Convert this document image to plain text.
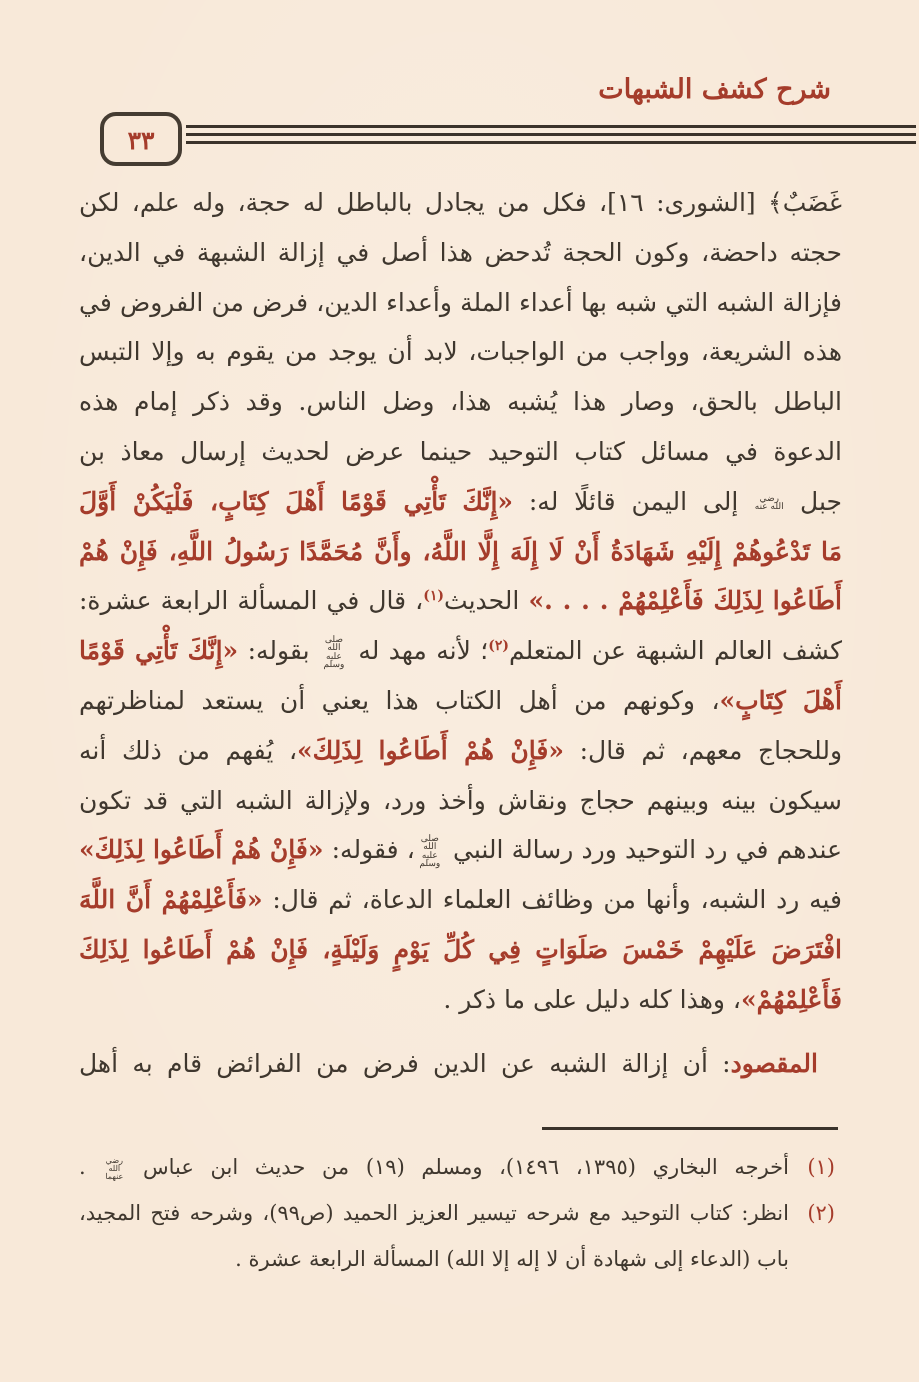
شرح كشف الشبهات
٣٣
غَضَبٌ﴾ [الشورى: ١٦]، فكل من يجادل بالباطل له حجة، وله علم، لكن
حجته داحضة، وكون الحجة تُدحض هذا أصل في إزالة الشبهة في الدين،
فإزالة الشبه التي شبه بها أعداء الملة وأعداء الدين، فرض من الفروض في
هذه الشريعة، وواجب من الواجبات، لابد أن يوجد من يقوم به وإلا التبس
الباطل بالحق، وصار هذا يُشبه هذا، وضل الناس. وقد ذكر إمام هذه
الدعوة في مسائل كتاب التوحيد حينما عرض لحديث إرسال معاذ بن
جبل رضي الله عنه إلى اليمن قائلًا له: «إِنَّكَ تَأْتِي قَوْمًا أَهْلَ كِتَابٍ، فَلْيَكُنْ أَوَّلَ
مَا تَدْعُوهُمْ إِلَيْهِ شَهَادَةُ أَنْ لَا إِلَهَ إِلَّا اللَّهُ، وأَنَّ مُحَمَّدًا رَسُولُ اللَّهِ، فَإِنْ هُمْ
أَطَاعُوا لِذَلِكَ فَأَعْلِمْهُمْ . . . .» الحديث$^{(١)}$، قال في المسألة الرابعة عشرة:
كشف العالم الشبهة عن المتعلم$^{(٢)}$؛ لأنه مهد له صلى الله عليه وسلم بقوله: «إِنَّكَ تَأْتِي قَوْمًا
أَهْلَ كِتَابٍ»، وكونهم من أهل الكتاب هذا يعني أن يستعد لمناظرتهم
وللحجاج معهم، ثم قال: «فَإِنْ هُمْ أَطَاعُوا لِذَلِكَ»، يُفهم من ذلك أنه
سيكون بينه وبينهم حجاج ونقاش وأخذ ورد، ولإزالة الشبه التي قد تكون
عندهم في رد التوحيد ورد رسالة النبي صلى الله عليه وسلم، فقوله: «فَإِنْ هُمْ أَطَاعُوا لِذَلِكَ»
فيه رد الشبه، وأنها من وظائف العلماء الدعاة، ثم قال: «فَأَعْلِمْهُمْ أَنَّ اللَّهَ
افْتَرَضَ عَلَيْهِمْ خَمْسَ صَلَوَاتٍ فِي كُلِّ يَوْمٍ وَلَيْلَةٍ، فَإِنْ هُمْ أَطَاعُوا لِذَلِكَ
فَأَعْلِمْهُمْ»، وهذا كله دليل على ما ذكر .
المقصود: أن إزالة الشبه عن الدين فرض من الفرائض قام به أهل
(١)
أخرجه البخاري (١٣٩٥، ١٤٩٦)، ومسلم (١٩) من حديث ابن عباس رضي الله عنهما .
(٢)
انظر: كتاب التوحيد مع شرحه تيسير العزيز الحميد (ص٩٩)، وشرحه فتح المجيد،
باب (الدعاء إلى شهادة أن لا إله إلا الله) المسألة الرابعة عشرة .
